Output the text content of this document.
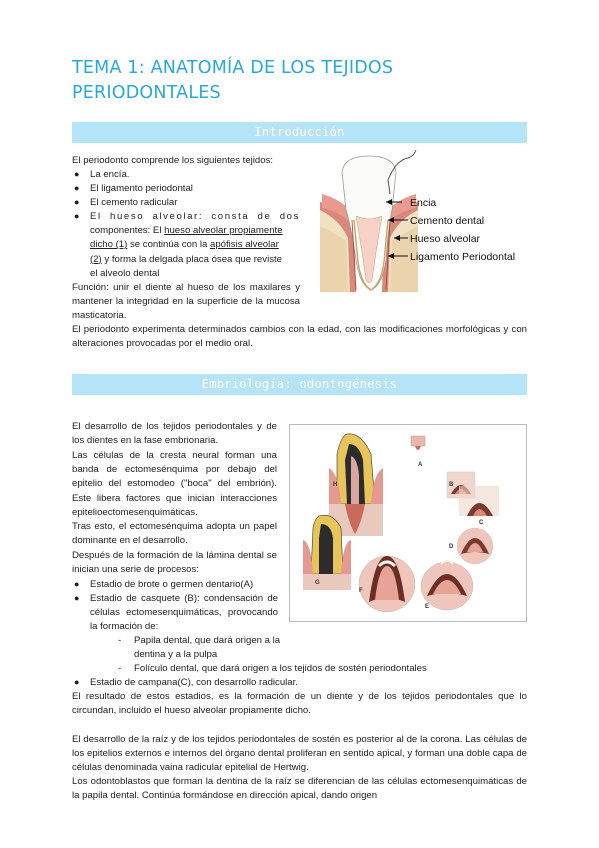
TEMA 1: ANATOMÍA DE LOS TEJIDOS PERIODONTALES
Introducción
El periodonto comprende los siguientes tejidos:
● La encía.
● El ligamento periodontal
● El cemento radicular
● El hueso alveolar: consta de dos
componentes: El hueso alveolar propiamente
dicho (1) se continúa con la apófisis alveolar
(2) y forma la delgada placa ósea que reviste
el alveolo dental
Función: unir el diente al hueso de los maxilares y mantener la integridad en la superficie de la mucosa masticatoria.
El periodonto experimenta determinados cambios con la edad, con las modificaciones morfológicas y con alteraciones provocadas por el medio oral.
Encia
Cemento dental
Hueso alveolar
Ligamento Periodontal
Embriología: odontogénesis
El desarrollo de los tejidos periodontales y de los dientes en la fase embrionaria.
Las células de la cresta neural forman una banda de ectomesénquima por debajo del epitelio del estomodeo ("boca" del embrión). Este libera factores que inician interacciones epitelioectomesenquimáticas.
Tras esto, el ectomesénquima adopta un papel dominante en el desarrollo.
Después de la formación de la lámina dental se inician una serie de procesos:
● Estadio de brote o germen dentario(A)
● Estadio de casquete (B): condensación de células ectomesenquimáticas, provocando la formación de:
- Papila dental, que dará origen a la dentina y a la pulpa
- Folículo dental, que dará origen a los tejidos de sostén periodontales
● Estadio de campana(C), con desarrollo radicular.
El resultado de estos estadios, es la formación de un diente y de los tejidos periodontales que lo circundan, incluido el hueso alveolar propiamente dicho.
El desarrollo de la raíz y de los tejidos periodontales de sostén es posterior al de la corona. Las células de los epitelios externos e internos del órgano dental proliferan en sentido apical, y forman una doble capa de células denominada vaina radicular epitelial de Hertwig.
Los odontoblastos que forman la dentina de la raíz se diferencian de las células ectomesenquimáticas de la papila dental. Continúa formándose en dirección apical, dando origen
H
G
A
B
C
D
E
F
